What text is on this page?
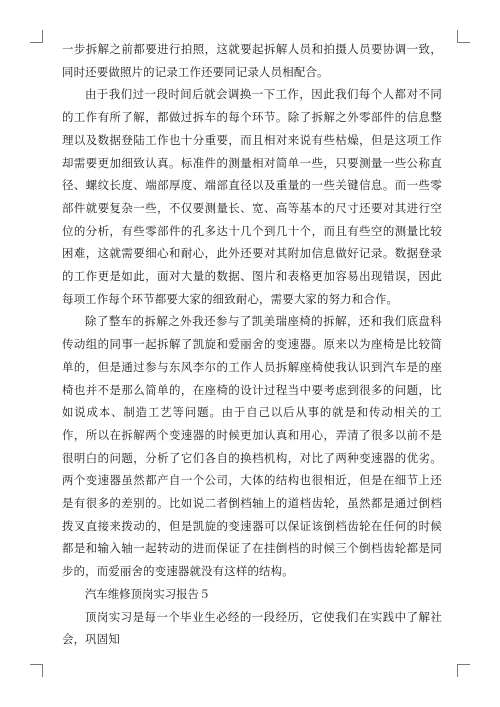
一步拆解之前都要进行拍照，这就要起拆解人员和拍摄人员要协调一致，同时还要做照片的记录工作还要同记录人员相配合。

由于我们过一段时间后就会调换一下工作，因此我们每个人都对不同的工作有所了解，都做过拆车的每个环节。除了拆解之外零部件的信息整理以及数据登陆工作也十分重要，而且相对来说有些枯燥，但是这项工作却需要更加细致认真。标准件的测量相对简单一些，只要测量一些公称直径、螺纹长度、端部厚度、端部直径以及重量的一些关键信息。而一些零部件就要复杂一些，不仅要测量长、宽、高等基本的尺寸还要对其进行空位的分析，有些零部件的孔多达十几个到几十个，而且有些空的测量比较困难，这就需要细心和耐心，此外还要对其附加信息做好记录。数据登录的工作更是如此，面对大量的数据、图片和表格更加容易出现错误，因此每项工作每个环节都要大家的细致耐心，需要大家的努力和合作。

除了整车的拆解之外我还参与了凯美瑞座椅的拆解，还和我们底盘科传动组的同事一起拆解了凯旋和爱丽舍的变速器。原来以为座椅是比较简单的，但是通过参与东风李尔的工作人员拆解座椅使我认识到汽车是的座椅也并不是那么简单的，在座椅的设计过程当中要考虑到很多的问题，比如说成本、制造工艺等问题。由于自己以后从事的就是和传动相关的工作，所以在拆解两个变速器的时候更加认真和用心，弄清了很多以前不是很明白的问题，分析了它们各自的换档机构，对比了两种变速器的优劣。两个变速器虽然都产自一个公司，大体的结构也很相近，但是在细节上还是有很多的差别的。比如说二者倒档轴上的道档齿轮，虽然都是通过倒档拨叉直接来拨动的，但是凯旋的变速器可以保证该倒档齿轮在任何的时候都是和输入轴一起转动的进而保证了在挂倒档的时候三个倒档齿轮都是同步的，而爱丽舍的变速器就没有这样的结构。

汽车维修顶岗实习报告５

顶岗实习是每一个毕业生必经的一段经历，它使我们在实践中了解社会，巩固知
